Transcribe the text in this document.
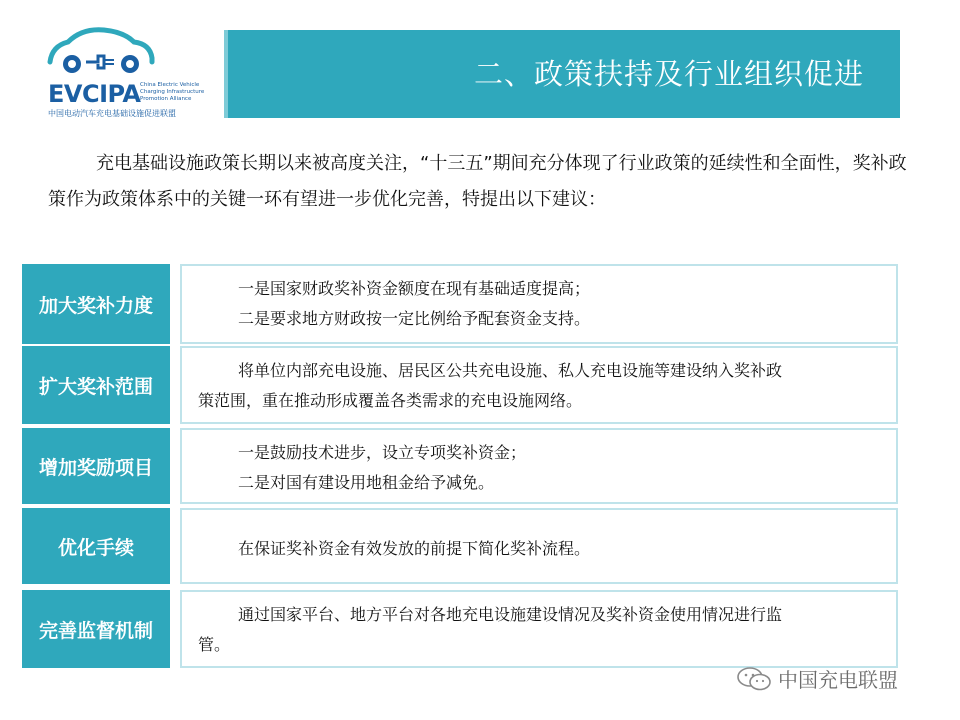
EVCIPA China Electric Vehicle
Charging Infrastructure
Promotion Alliance
中国电动汽车充电基础设施促进联盟
二、政策扶持及行业组织促进

充电基础设施政策长期以来被高度关注，“十三五”期间充分体现了行业政策的延续性和全面性，奖补政策作为政策体系中的关键一环有望进一步优化完善，特提出以下建议：

加大奖补力度

一是国家财政奖补资金额度在现有基础适度提高；

二是要求地方财政按一定比例给予配套资金支持。

扩大奖补范围

将单位内部充电设施、居民区公共充电设施、私人充电设施等建设纳入奖补政

策范围，重在推动形成覆盖各类需求的充电设施网络。

增加奖励项目

一是鼓励技术进步，设立专项奖补资金；

二是对国有建设用地租金给予减免。

优化手续	在保证奖补资金有效发放的前提下简化奖补流程。

完善监督机制

通过国家平台、地方平台对各地充电设施建设情况及奖补资金使用情况进行监

管。

中国充电联盟
